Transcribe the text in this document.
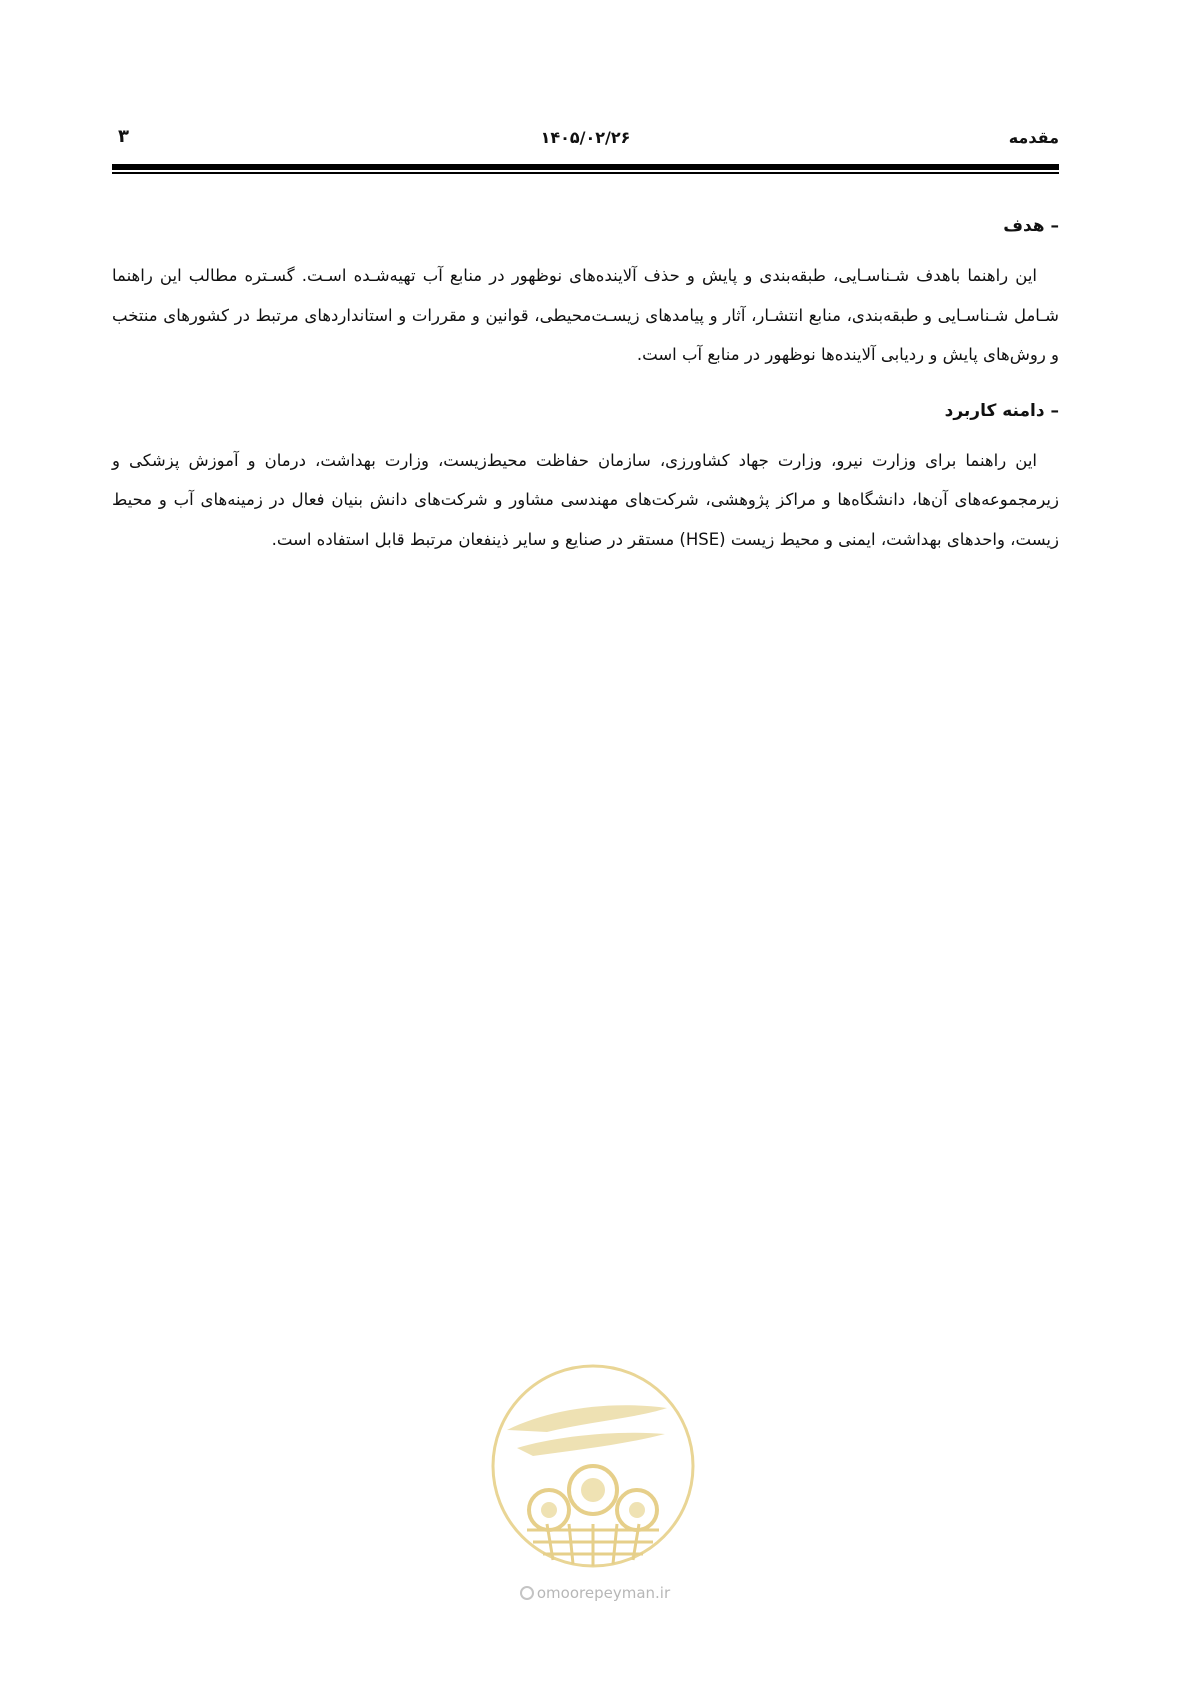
مقدمه
۱۴۰۵/۰۲/۲۶
۳

– هدف

این راهنما باهدف شـناسـایی، طبقه‌بندی و پایش و حذف آلاینده‌های نوظهور در منابع آب تهیه‌شـده اسـت. گسـتره مطالب این راهنما شـامل شـناسـایی و طبقه‌بندی، منابع انتشـار، آثار و پیامدهای زیسـت‌محیطی، قوانین و مقررات و استانداردهای مرتبط در کشورهای منتخب و روش‌های پایش و ردیابی آلاینده‌ها نوظهور در منابع آب است.

– دامنه کاربرد

این راهنما برای وزارت نیرو، وزارت جهاد کشاورزی، سازمان حفاظت محیط‌زیست، وزارت بهداشت، درمان و آموزش پزشکی و زیرمجموعه‌های آن‌ها، دانشگاه‌ها و مراکز پژوهشی، شرکت‌های مهندسی مشاور و شرکت‌های دانش بنیان فعال در زمینه‌های آب و محیط زیست، واحدهای بهداشت، ایمنی و محیط زیست (HSE) مستقر در صنایع و سایر ذینفعان مرتبط قابل استفاده است.

omoorepeyman.ir
